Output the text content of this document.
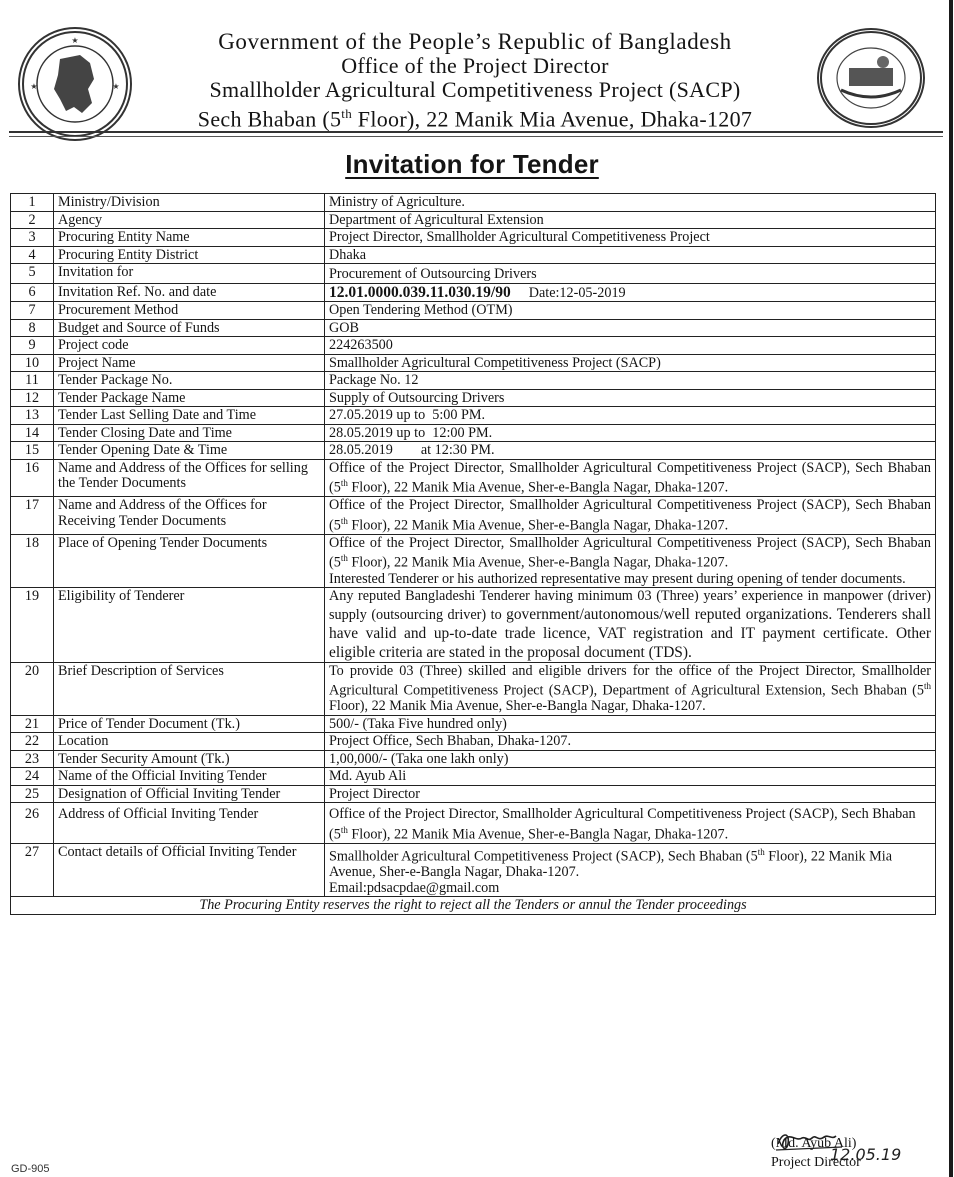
★
★	★
Government of the People’s Republic of Bangladesh
Office of the Project Director
Smallholder Agricultural Competitiveness Project (SACP)
Sech Bhaban (5th Floor), 22 Manik Mia Avenue, Dhaka-1207
Invitation for Tender
1	Ministry/Division	Ministry of Agriculture.
2	Agency	Department of Agricultural Extension
3	Procuring Entity Name	Project Director, Smallholder Agricultural Competitiveness Project
4	Procuring Entity District	Dhaka
5	Invitation for	Procurement of Outsourcing Drivers
6	Invitation Ref. No. and date	12.01.0000.039.11.030.19/90 Date:12-05-2019
7	Procurement Method	Open Tendering Method (OTM)
8	Budget and Source of Funds	GOB
9	Project code	224263500
10	Project Name	Smallholder Agricultural Competitiveness Project (SACP)
11	Tender Package No.	Package No. 12
12	Tender Package Name	Supply of Outsourcing Drivers
13	Tender Last Selling Date and Time	27.05.2019 up to  5:00 PM.
14	Tender Closing Date and Time	28.05.2019 up to  12:00 PM.
15	Tender Opening Date & Time	28.05.2019 at 12:30 PM.
16	Name and Address of the Offices for selling the Tender Documents	Office of the Project Director, Smallholder Agricultural Competitiveness Project (SACP), Sech Bhaban (5th Floor), 22 Manik Mia Avenue, Sher-e-Bangla Nagar, Dhaka-1207.
17	Name and Address of the Offices for Receiving Tender Documents	Office of the Project Director, Smallholder Agricultural Competitiveness Project (SACP), Sech Bhaban (5th Floor), 22 Manik Mia Avenue, Sher-e-Bangla Nagar, Dhaka-1207.
18	Place of Opening Tender Documents	Office of the Project Director, Smallholder Agricultural Competitiveness Project (SACP), Sech Bhaban (5th Floor), 22 Manik Mia Avenue, Sher-e-Bangla Nagar, Dhaka-1207.
Interested Tenderer or his authorized representative may present during opening of tender documents.

19	Eligibility of Tenderer	Any reputed Bangladeshi Tenderer having minimum 03 (Three) years’ experience in manpower (driver) supply (outsourcing driver) to government/autonomous/well reputed organizations. Tenderers shall have valid and up-to-date trade licence, VAT registration and IT payment certificate. Other eligible criteria are stated in the proposal document (TDS).
20	Brief Description of Services	To provide 03 (Three) skilled and eligible drivers for the office of the Project Director, Smallholder Agricultural Competitiveness Project (SACP), Department of Agricultural Extension, Sech Bhaban (5th Floor), 22 Manik Mia Avenue, Sher-e-Bangla Nagar, Dhaka-1207.
21	Price of Tender Document (Tk.)	500/- (Taka Five hundred only)
22	Location	Project Office, Sech Bhaban, Dhaka-1207.
23	Tender Security Amount (Tk.)	1,00,000/- (Taka one lakh only)
24	Name of the Official Inviting Tender	Md. Ayub Ali
25	Designation of Official Inviting Tender	Project Director
26	Address of Official Inviting Tender	Office of the Project Director, Smallholder Agricultural Competitiveness Project (SACP), Sech Bhaban (5th Floor), 22 Manik Mia Avenue, Sher-e-Bangla Nagar, Dhaka-1207.
27	Contact details of Official Inviting Tender	Smallholder Agricultural Competitiveness Project (SACP), Sech Bhaban (5th Floor), 22 Manik Mia Avenue, Sher-e-Bangla Nagar, Dhaka-1207.
Email:pdsacpdae@gmail.com

The Procuring Entity reserves the right to reject all the Tenders or annul the Tender proceedings		
12.05.19
(Md. Ayub Ali)
Project Director
GD-905
